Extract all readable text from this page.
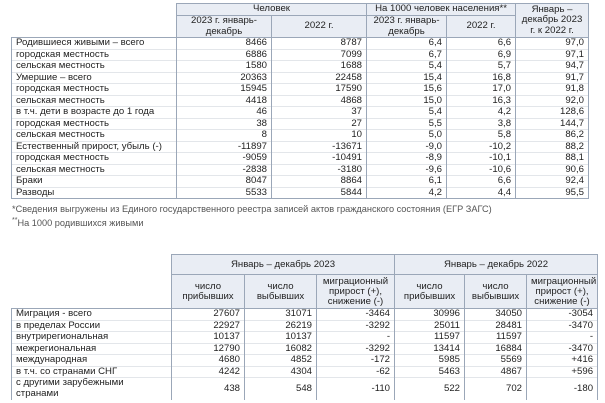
	Человек		На 1000 человек населения**		Январь – декабрь 2023 г. к 2022 г.
	2023 г. январь-декабрь	2022 г.	2023 г. январь-декабрь	2022 г.	
Родившиеся живыми – всего	8466	8787	6,4	6,6	97,0
городская местность	6886	7099	6,7	6,9	97,1
сельская местность	1580	1688	5,4	5,7	94,7
Умершие – всего	20363	22458	15,4	16,8	91,7
городская местность	15945	17590	15,6	17,0	91,8
сельская местность	4418	4868	15,0	16,3	92,0
в т.ч. дети в возрасте до 1 года	46	37	5,4	4,2	128,6
городская местность	38	27	5,5	3,8	144,7
сельская местность	8	10	5,0	5,8	86,2
Естественный прирост, убыль (-)	-11897	-13671	-9,0	-10,2	88,2
городская местность	-9059	-10491	-8,9	-10,1	88,1
сельская местность	-2838	-3180	-9,6	-10,6	90,6
Браки	8047	8864	6,1	6,6	92,4
Разводы	5533	5844	4,2	4,4	95,5
*Сведения выгружены из Единого государственного реестра записей актов гражданского состояния (ЕГР ЗАГС)
**На 1000 родившихся живыми
	Январь – декабрь 2023			Январь – декабрь 2022		
	число прибывших	число выбывших	миграционный прирост (+), снижение (-)	число прибывших	число выбывших	миграционный прирост (+), снижение (-)
Миграция - всего	27607	31071	-3464	30996	34050	-3054
в пределах России	22927	26219	-3292	25011	28481	-3470
внутрирегиональная	10137	10137	-	11597	11597	-
межрегиональная	12790	16082	-3292	13414	16884	-3470
международная	4680	4852	-172	5985	5569	+416
в т.ч. со странами СНГ	4242	4304	-62	5463	4867	+596
с другими зарубежными странами	438	548	-110	522	702	-180
